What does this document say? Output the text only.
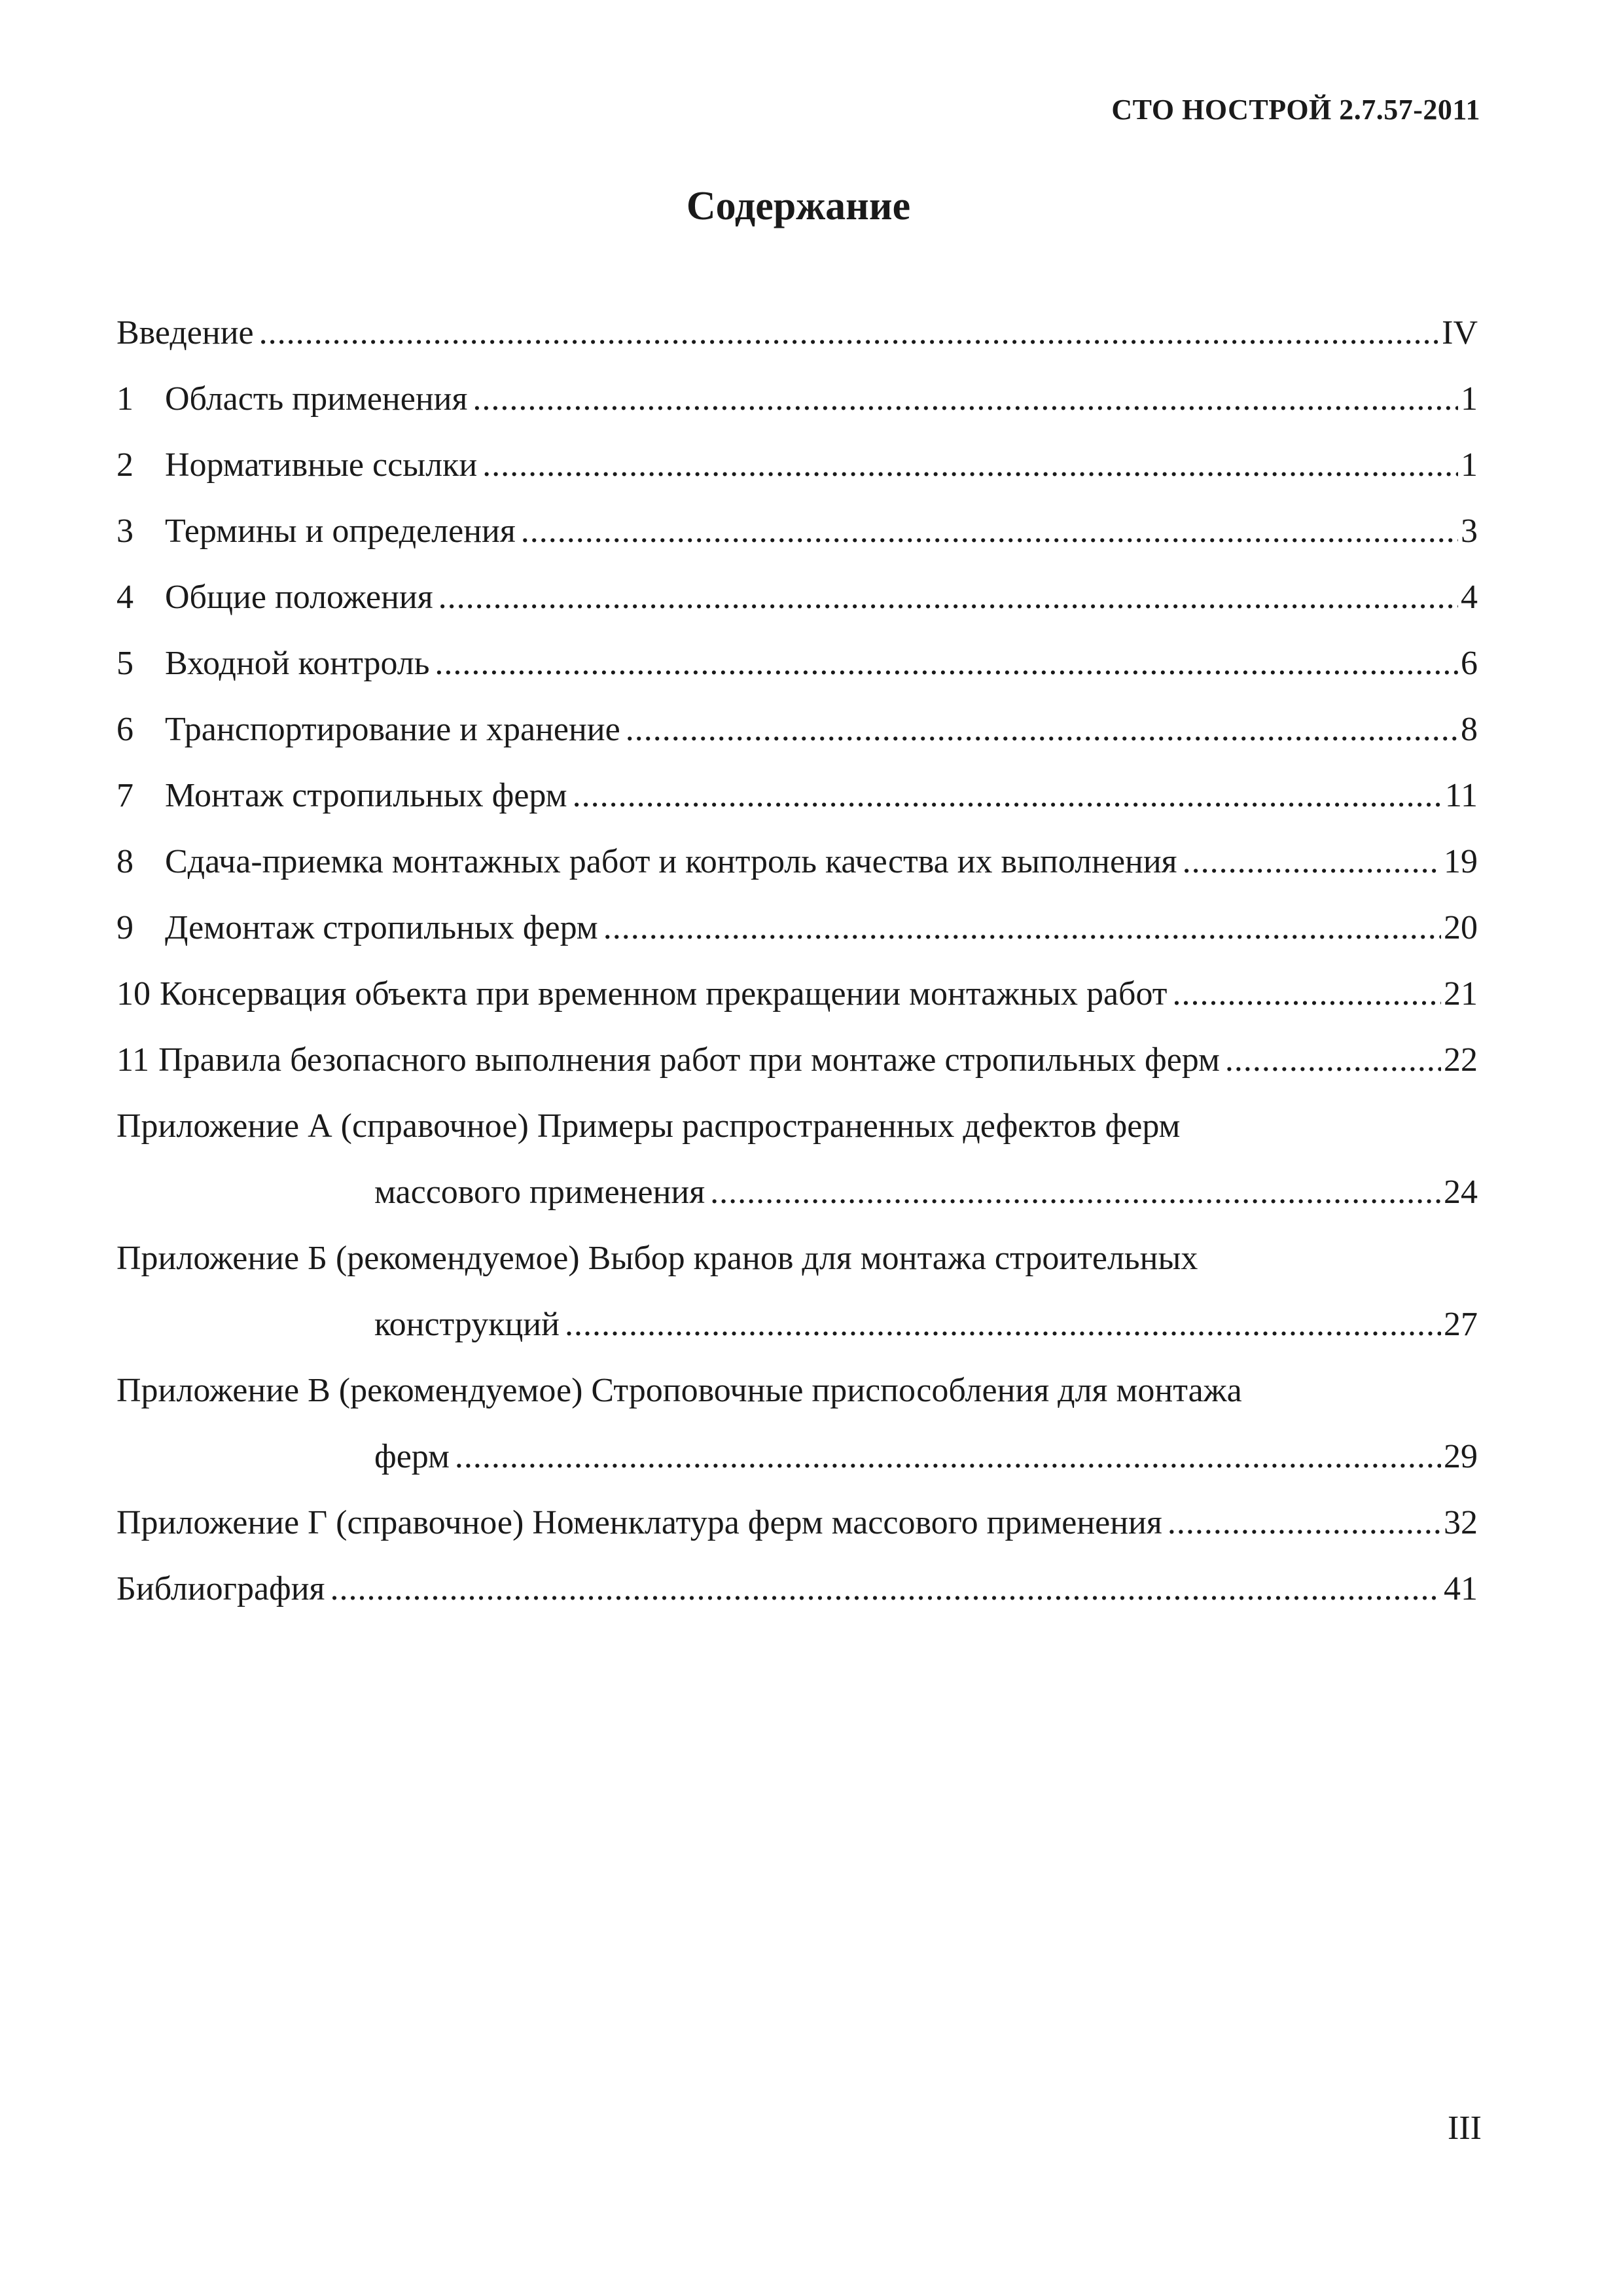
СТО НОСТРОЙ 2.7.57-2011
Содержание
Введение .....	IV
1 Область применения .....	1
2 Нормативные ссылки .....	1
3 Термины и определения .....	3
4 Общие положения .....	4
5 Входной контроль .....	6
6 Транспортирование и хранение .....	8
7 Монтаж стропильных ферм .....	11
8 Сдача-приемка монтажных работ и контроль качества их выполнения .....	19
9 Демонтаж стропильных ферм .....	20
10 Консервация объекта при временном прекращении монтажных работ .....	21
11 Правила безопасного выполнения работ при монтаже стропильных ферм .....	22
Приложение А (справочное) Примеры распространенных дефектов ферм
массового применения .....	24
Приложение Б (рекомендуемое) Выбор кранов для монтажа строительных
конструкций .....	27
Приложение В (рекомендуемое) Строповочные приспособления для монтажа
ферм .....	29
Приложение Г (справочное) Номенклатура ферм массового применения .....	32
Библиография .....	41
III
